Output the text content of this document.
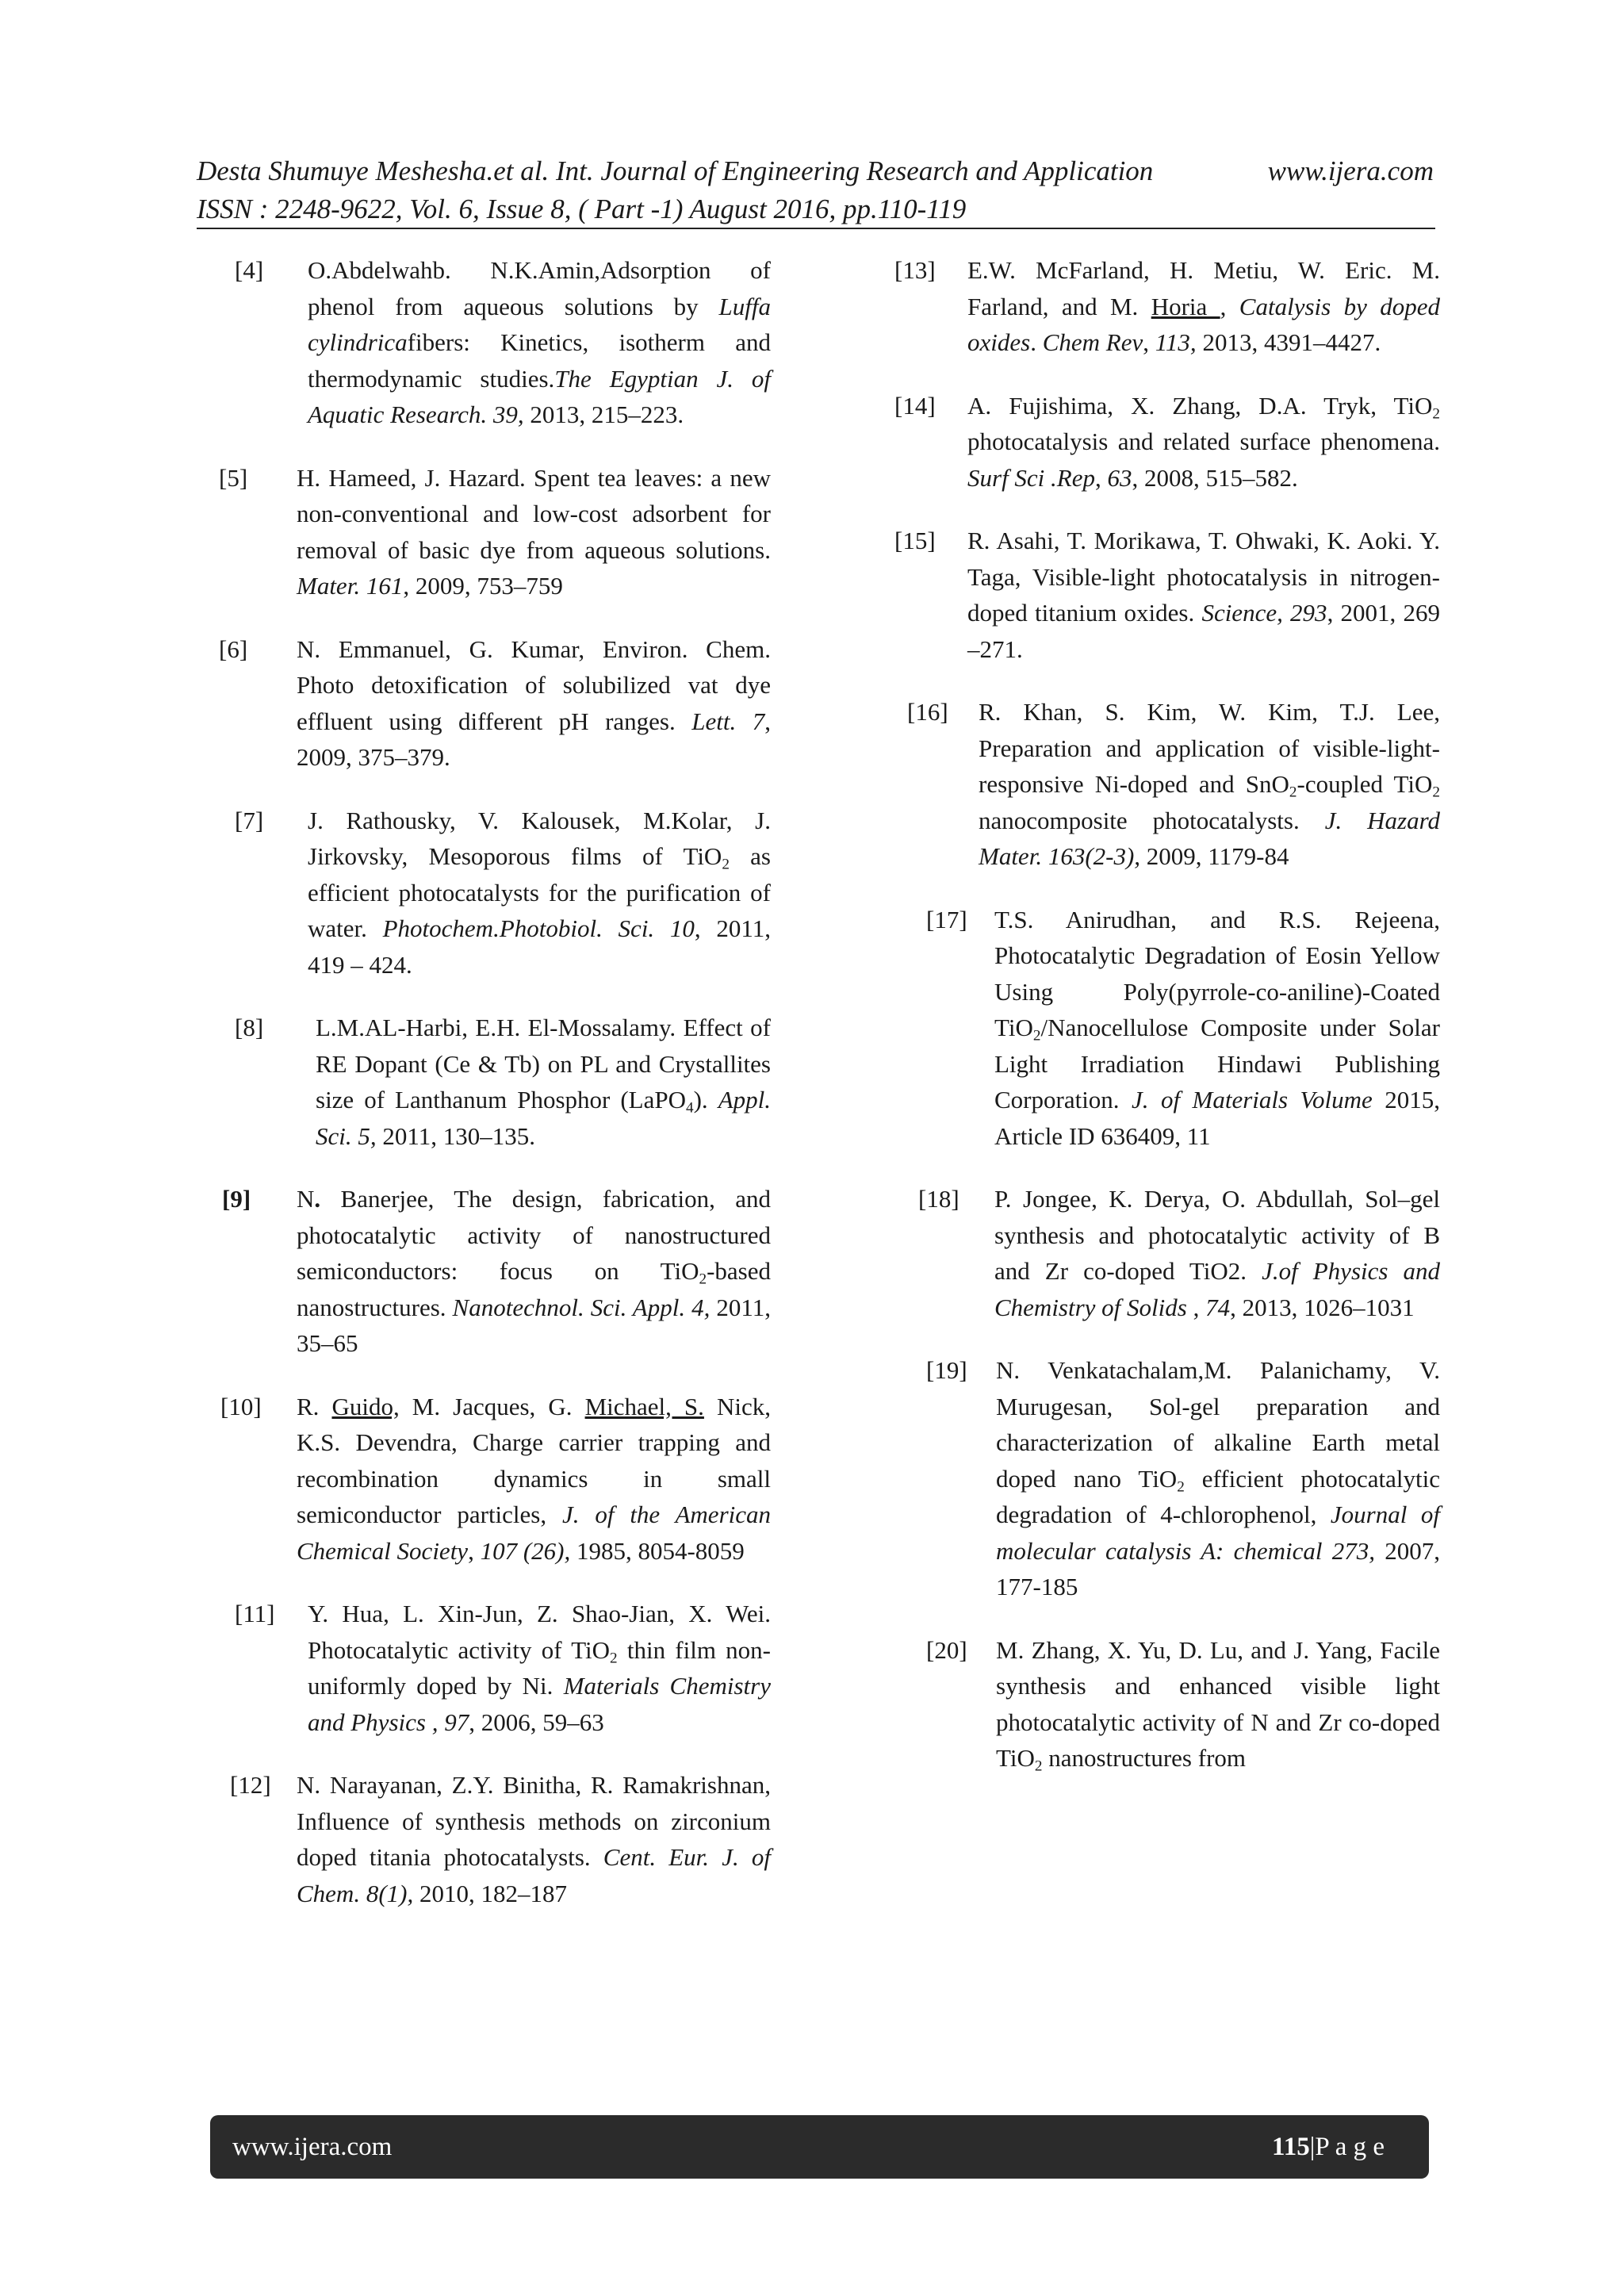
Desta Shumuye Meshesha.et al. Int. Journal of Engineering Research and Application	www.ijera.com
ISSN : 2248-9622, Vol. 6, Issue 8, ( Part -1) August 2016, pp.110-119
[4] O.Abdelwahb. N.K.Amin,Adsorption of phenol from aqueous solutions by Luffa cylindricafibers: Kinetics, isotherm and thermodynamic studies.The Egyptian J. of Aquatic Research. 39, 2013, 215–223.
[5] H. Hameed, J. Hazard. Spent tea leaves: a new non-conventional and low-cost adsorbent for removal of basic dye from aqueous solutions. Mater. 161, 2009, 753–759
[6] N. Emmanuel, G. Kumar, Environ. Chem. Photo detoxification of solubilized vat dye effluent using different pH ranges. Lett. 7, 2009, 375–379.
[7] J. Rathousky, V. Kalousek, M.Kolar, J. Jirkovsky, Mesoporous films of TiO$_2$ as efficient photocatalysts for the purification of water. Photochem.Photobiol. Sci. 10, 2011, 419 – 424.
[8] L.M.AL-Harbi, E.H. El-Mossalamy. Effect of RE Dopant (Ce & Tb) on PL and Crystallites size of Lanthanum Phosphor (LaPO$_4$). Appl. Sci. 5, 2011, 130–135.
[9] N. Banerjee, The design, fabrication, and photocatalytic activity of nanostructured semiconductors: focus on TiO$_2$-based nanostructures. Nanotechnol. Sci. Appl. 4, 2011, 35–65
[10] R. Guido, M. Jacques, G. Michael, S. Nick, K.S. Devendra, Charge carrier trapping and recombination dynamics in small semiconductor particles, J. of the American Chemical Society, 107 (26), 1985, 8054-8059
[11] Y. Hua, L. Xin-Jun, Z. Shao-Jian, X. Wei. Photocatalytic activity of TiO$_2$ thin film non-uniformly doped by Ni. Materials Chemistry and Physics , 97, 2006, 59–63
[12] N. Narayanan, Z.Y. Binitha, R. Ramakrishnan, Influence of synthesis methods on zirconium doped titania photocatalysts. Cent. Eur. J. of Chem. 8(1), 2010, 182–187
[13] E.W. McFarland, H. Metiu, W. Eric. M. Farland, and M. Horia , Catalysis by doped oxides. Chem Rev, 113, 2013, 4391–4427.
[14] A. Fujishima, X. Zhang, D.A. Tryk, TiO$_2$ photocatalysis and related surface phenomena. Surf Sci .Rep, 63, 2008, 515–582.
[15] R. Asahi, T. Morikawa, T. Ohwaki, K. Aoki. Y. Taga, Visible-light photocatalysis in nitrogen-doped titanium oxides. Science, 293, 2001, 269 –271.
[16] R. Khan, S. Kim, W. Kim, T.J. Lee, Preparation and application of visible-light-responsive Ni-doped and SnO$_2$-coupled TiO$_2$ nanocomposite photocatalysts. J. Hazard Mater. 163(2-3), 2009, 1179-84
[17] T.S. Anirudhan, and R.S. Rejeena, Photocatalytic Degradation of Eosin Yellow Using Poly(pyrrole-co-aniline)-Coated TiO$_2$/Nanocellulose Composite under Solar Light Irradiation Hindawi Publishing Corporation. J. of Materials Volume 2015, Article ID 636409, 11
[18] P. Jongee, K. Derya, O. Abdullah, Sol–gel synthesis and photocatalytic activity of B and Zr co-doped TiO2. J.of Physics and Chemistry of Solids , 74, 2013, 1026–1031
[19] N. Venkatachalam,M. Palanichamy, V. Murugesan, Sol-gel preparation and characterization of alkaline Earth metal doped nano TiO$_2$ efficient photocatalytic degradation of 4-chlorophenol, Journal of molecular catalysis A: chemical 273, 2007, 177-185
[20] M. Zhang, X. Yu, D. Lu, and J. Yang, Facile synthesis and enhanced visible light photocatalytic activity of N and Zr co-doped TiO$_2$ nanostructures from
www.ijera.com	115|P a g e
